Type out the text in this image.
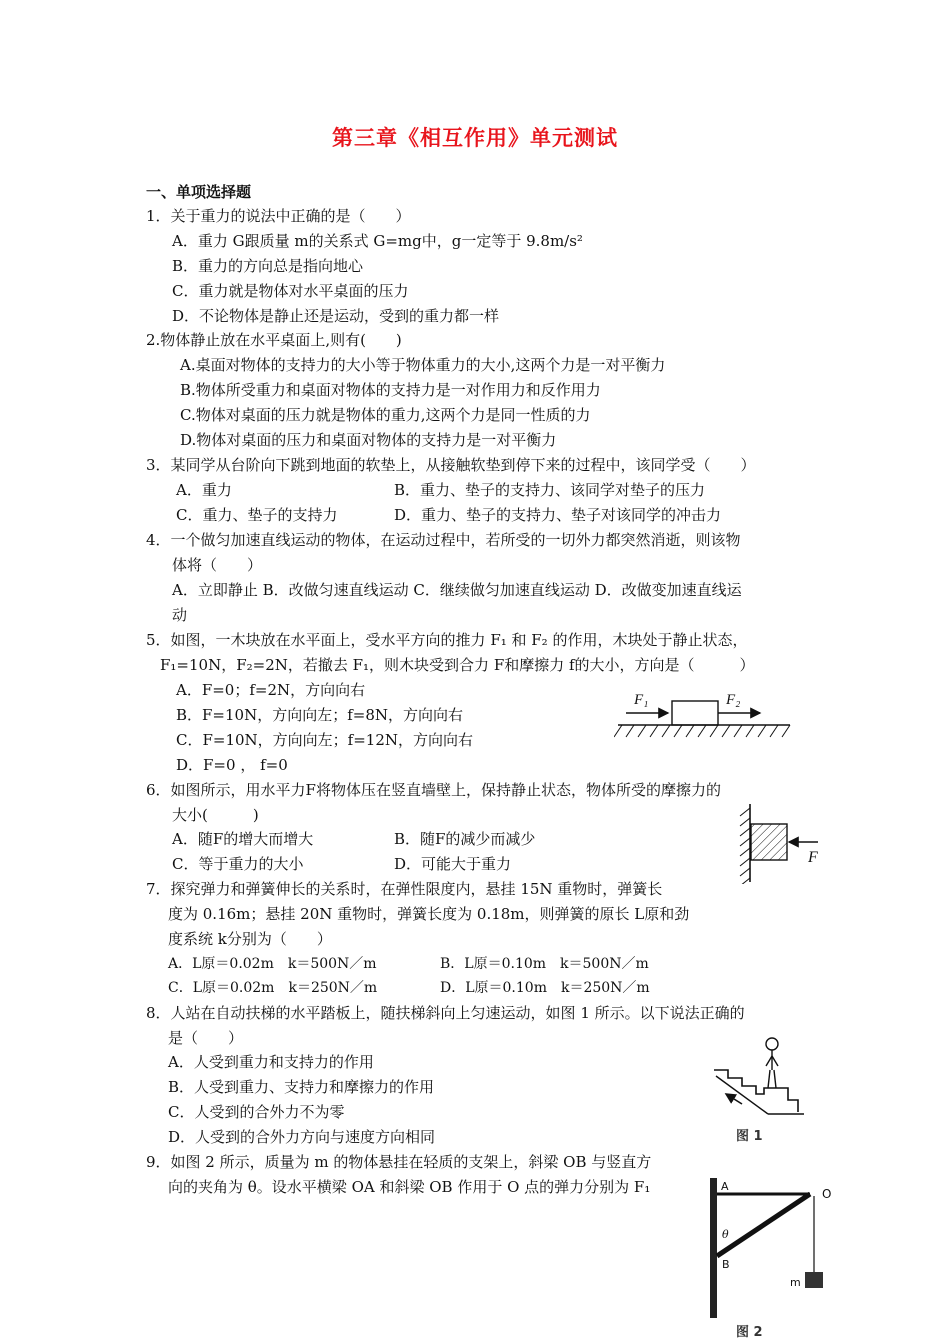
第三章《相互作用》单元测试
一、单项选择题
1．关于重力的说法中正确的是（　　）
A．重力 G跟质量 m的关系式 G=mg中，g一定等于 9.8m/s²
B．重力的方向总是指向地心
C．重力就是物体对水平桌面的压力
D．不论物体是静止还是运动，受到的重力都一样
2.物体静止放在水平桌面上,则有(　　)
A.桌面对物体的支持力的大小等于物体重力的大小,这两个力是一对平衡力
B.物体所受重力和桌面对物体的支持力是一对作用力和反作用力
C.物体对桌面的压力就是物体的重力,这两个力是同一性质的力
D.物体对桌面的压力和桌面对物体的支持力是一对平衡力
3．某同学从台阶向下跳到地面的软垫上，从接触软垫到停下来的过程中，该同学受（　　）
A．重力	B．重力、垫子的支持力、该同学对垫子的压力
C．重力、垫子的支持力	D．重力、垫子的支持力、垫子对该同学的冲击力
4．一个做匀加速直线运动的物体，在运动过程中，若所受的一切外力都突然消逝，则该物
体将（　　）
A．立即静止 B．改做匀速直线运动 C．继续做匀加速直线运动 D．改做变加速直线运
动
5．如图，一木块放在水平面上，受水平方向的推力 F₁ 和 F₂ 的作用，木块处于静止状态，
F₁=10N，F₂=2N，若撤去 F₁，则木块受到合力 F和摩擦力 f的大小，方向是（　　　）
A．F=0；f=2N，方向向右
B．F=10N，方向向左；f=8N，方向向右
C．F=10N，方向向左；f=12N，方向向右
D．F=0 ， f=0
F₁	F₂
6．如图所示，用水平力F将物体压在竖直墙壁上，保持静止状态，物体所受的摩擦力的
大小(　　　)
A．随F的增大而增大	B．随F的减少而减少
C．等于重力的大小	D．可能大于重力	F
7．探究弹力和弹簧伸长的关系时，在弹性限度内，悬挂 15N 重物时，弹簧长
度为 0.16m；悬挂 20N 重物时，弹簧长度为 0.18m，则弹簧的原长 L原和劲
度系统 k分别为（　　）
A．L原＝0.02m　k＝500N／m	B．L原＝0.10m　k＝500N／m
C．L原＝0.02m　k＝250N／m	D．L原＝0.10m　k＝250N／m
8．人站在自动扶梯的水平踏板上，随扶梯斜向上匀速运动，如图 1 所示。以下说法正确的
是（　　）
A．人受到重力和支持力的作用
B．人受到重力、支持力和摩擦力的作用
C．人受到的合外力不为零
D．人受到的合外力方向与速度方向相同	图 1
9．如图 2 所示，质量为 m 的物体悬挂在轻质的支架上，斜梁 OB 与竖直方
向的夹角为 θ。设水平横梁 OA 和斜梁 OB 作用于 O 点的弹力分别为 F₁	A
O
θ
B
m
图 2
